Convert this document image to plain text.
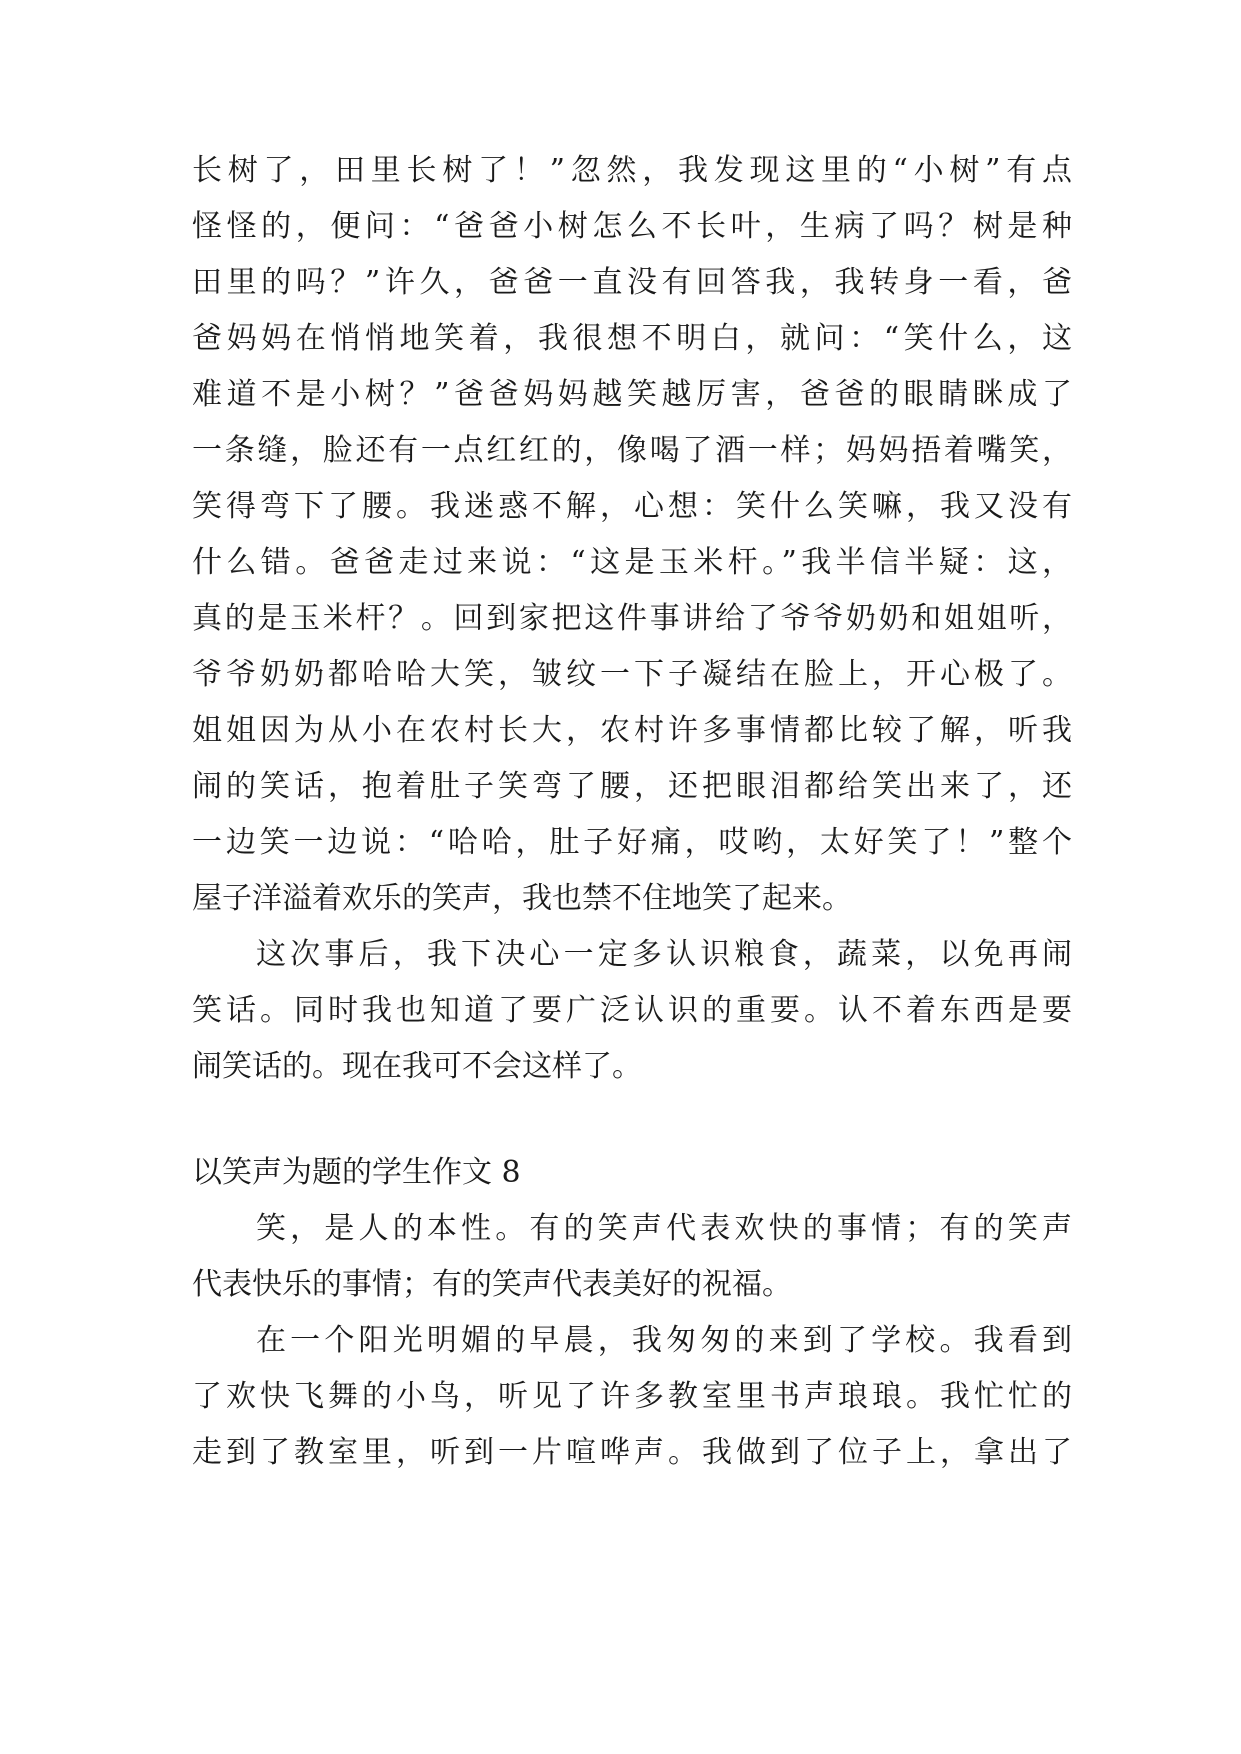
长树了，田里长树了！”忽然，我发现这里的“小树”有点
怪怪的，便问：“爸爸小树怎么不长叶，生病了吗？树是种
田里的吗？”许久，爸爸一直没有回答我，我转身一看，爸
爸妈妈在悄悄地笑着，我很想不明白，就问：“笑什么，这
难道不是小树？”爸爸妈妈越笑越厉害，爸爸的眼睛眯成了
一条缝，脸还有一点红红的，像喝了酒一样；妈妈捂着嘴笑，
笑得弯下了腰。我迷惑不解，心想：笑什么笑嘛，我又没有
什么错。爸爸走过来说：“这是玉米杆。”我半信半疑：这，
真的是玉米杆？。回到家把这件事讲给了爷爷奶奶和姐姐听，
爷爷奶奶都哈哈大笑，皱纹一下子凝结在脸上，开心极了。
姐姐因为从小在农村长大，农村许多事情都比较了解，听我
闹的笑话，抱着肚子笑弯了腰，还把眼泪都给笑出来了，还
一边笑一边说：“哈哈，肚子好痛，哎哟，太好笑了！”整个
屋子洋溢着欢乐的笑声，我也禁不住地笑了起来。
这次事后，我下决心一定多认识粮食，蔬菜，以免再闹
笑话。同时我也知道了要广泛认识的重要。认不着东西是要
闹笑话的。现在我可不会这样了。
以笑声为题的学生作文 8
笑，是人的本性。有的笑声代表欢快的事情；有的笑声
代表快乐的事情；有的笑声代表美好的祝福。
在一个阳光明媚的早晨，我匆匆的来到了学校。我看到
了欢快飞舞的小鸟，听见了许多教室里书声琅琅。我忙忙的
走到了教室里，听到一片喧哗声。我做到了位子上，拿出了
